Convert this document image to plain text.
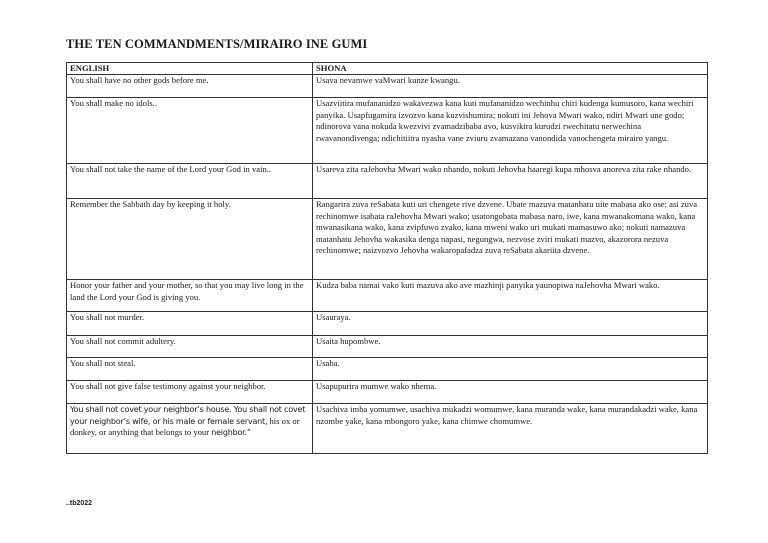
THE TEN COMMANDMENTS/MIRAIRO INE GUMI
ENGLISH	SHONA
You shall have no other gods before me.	Usava nevamwe vaMwari kunze kwangu.
You shall make no idols..	Usazviitira mufananidzo wakavezwa kana kuti mufananidzo wechinhu chiri kudenga kumusoro, kana wechiri panyika. Usapfugamira izvozvo kana kuzvishumira; nokuti ini Jehova Mwari wako, ndiri Mwari une godo; ndinorova vana nokuda kwezvivi zvamadzibaba avo, kusvikira kurudzi rwechitatu nerwechina rwavanondivenga; ndichitiitra nyasha vane zviuru zvamazana vanondida vanochengeta mirairo yangu.
You shall not take the name of the Lord your God in vain..	Usareva zita raJehovha Mwari wako nhando, nokuti Jehovha haaregi kupa mhosva anoreva zita rake nhando.
Remember the Sabbath day by keeping it holy.	Rangarira zuva reSabata kuti uri chengete rive dzvene. Ubate mazuva matanhatu uite mabasa ako ose; asi zuva rechinomwe isabata raJehovha Mwari wako; usatongobata mabasa naro, iwe, kana mwanakomana wako, kana mwanasikana wako, kana zvipfuwo zvako, kana mweni wako uri mukati mamasuwo ako; nokuti namazuva matanhatu Jehovha wakasika denga napasi, negungwa, nezvose zviri mukati mazvo, akazorora nezuva rechinomwe; naizvozvo Jehovha wakaropafadza zuva reSabata akariita dzvene.
Honor your father and your mother, so that you may live long in the land the Lord your God is giving you.	Kudza baba namai vako kuti mazuva ako ave mazhinji panyika yaunopiwa naJehovha Mwari wako.
You shall not murder.	Usauraya.
You shall not commit adultery.	Usaita hupombwe.
You shall not steal.	Usaba.
You shall not give false testimony against your neighbor.	Usapupurira mumwe wako nhema.
You shall not covet your neighbor’s house. You shall not covet your neighbor’s wife, or his male or female servant, his ox or donkey, or anything that belongs to your neighbor.”	Usachiva imba yomumwe, usachiva mukadzi womumwe, kana muranda wake, kana murandakadzi wake, kana nzombe yake, kana mbongoro yake, kana chimwe chomumwe.
..tb2022
